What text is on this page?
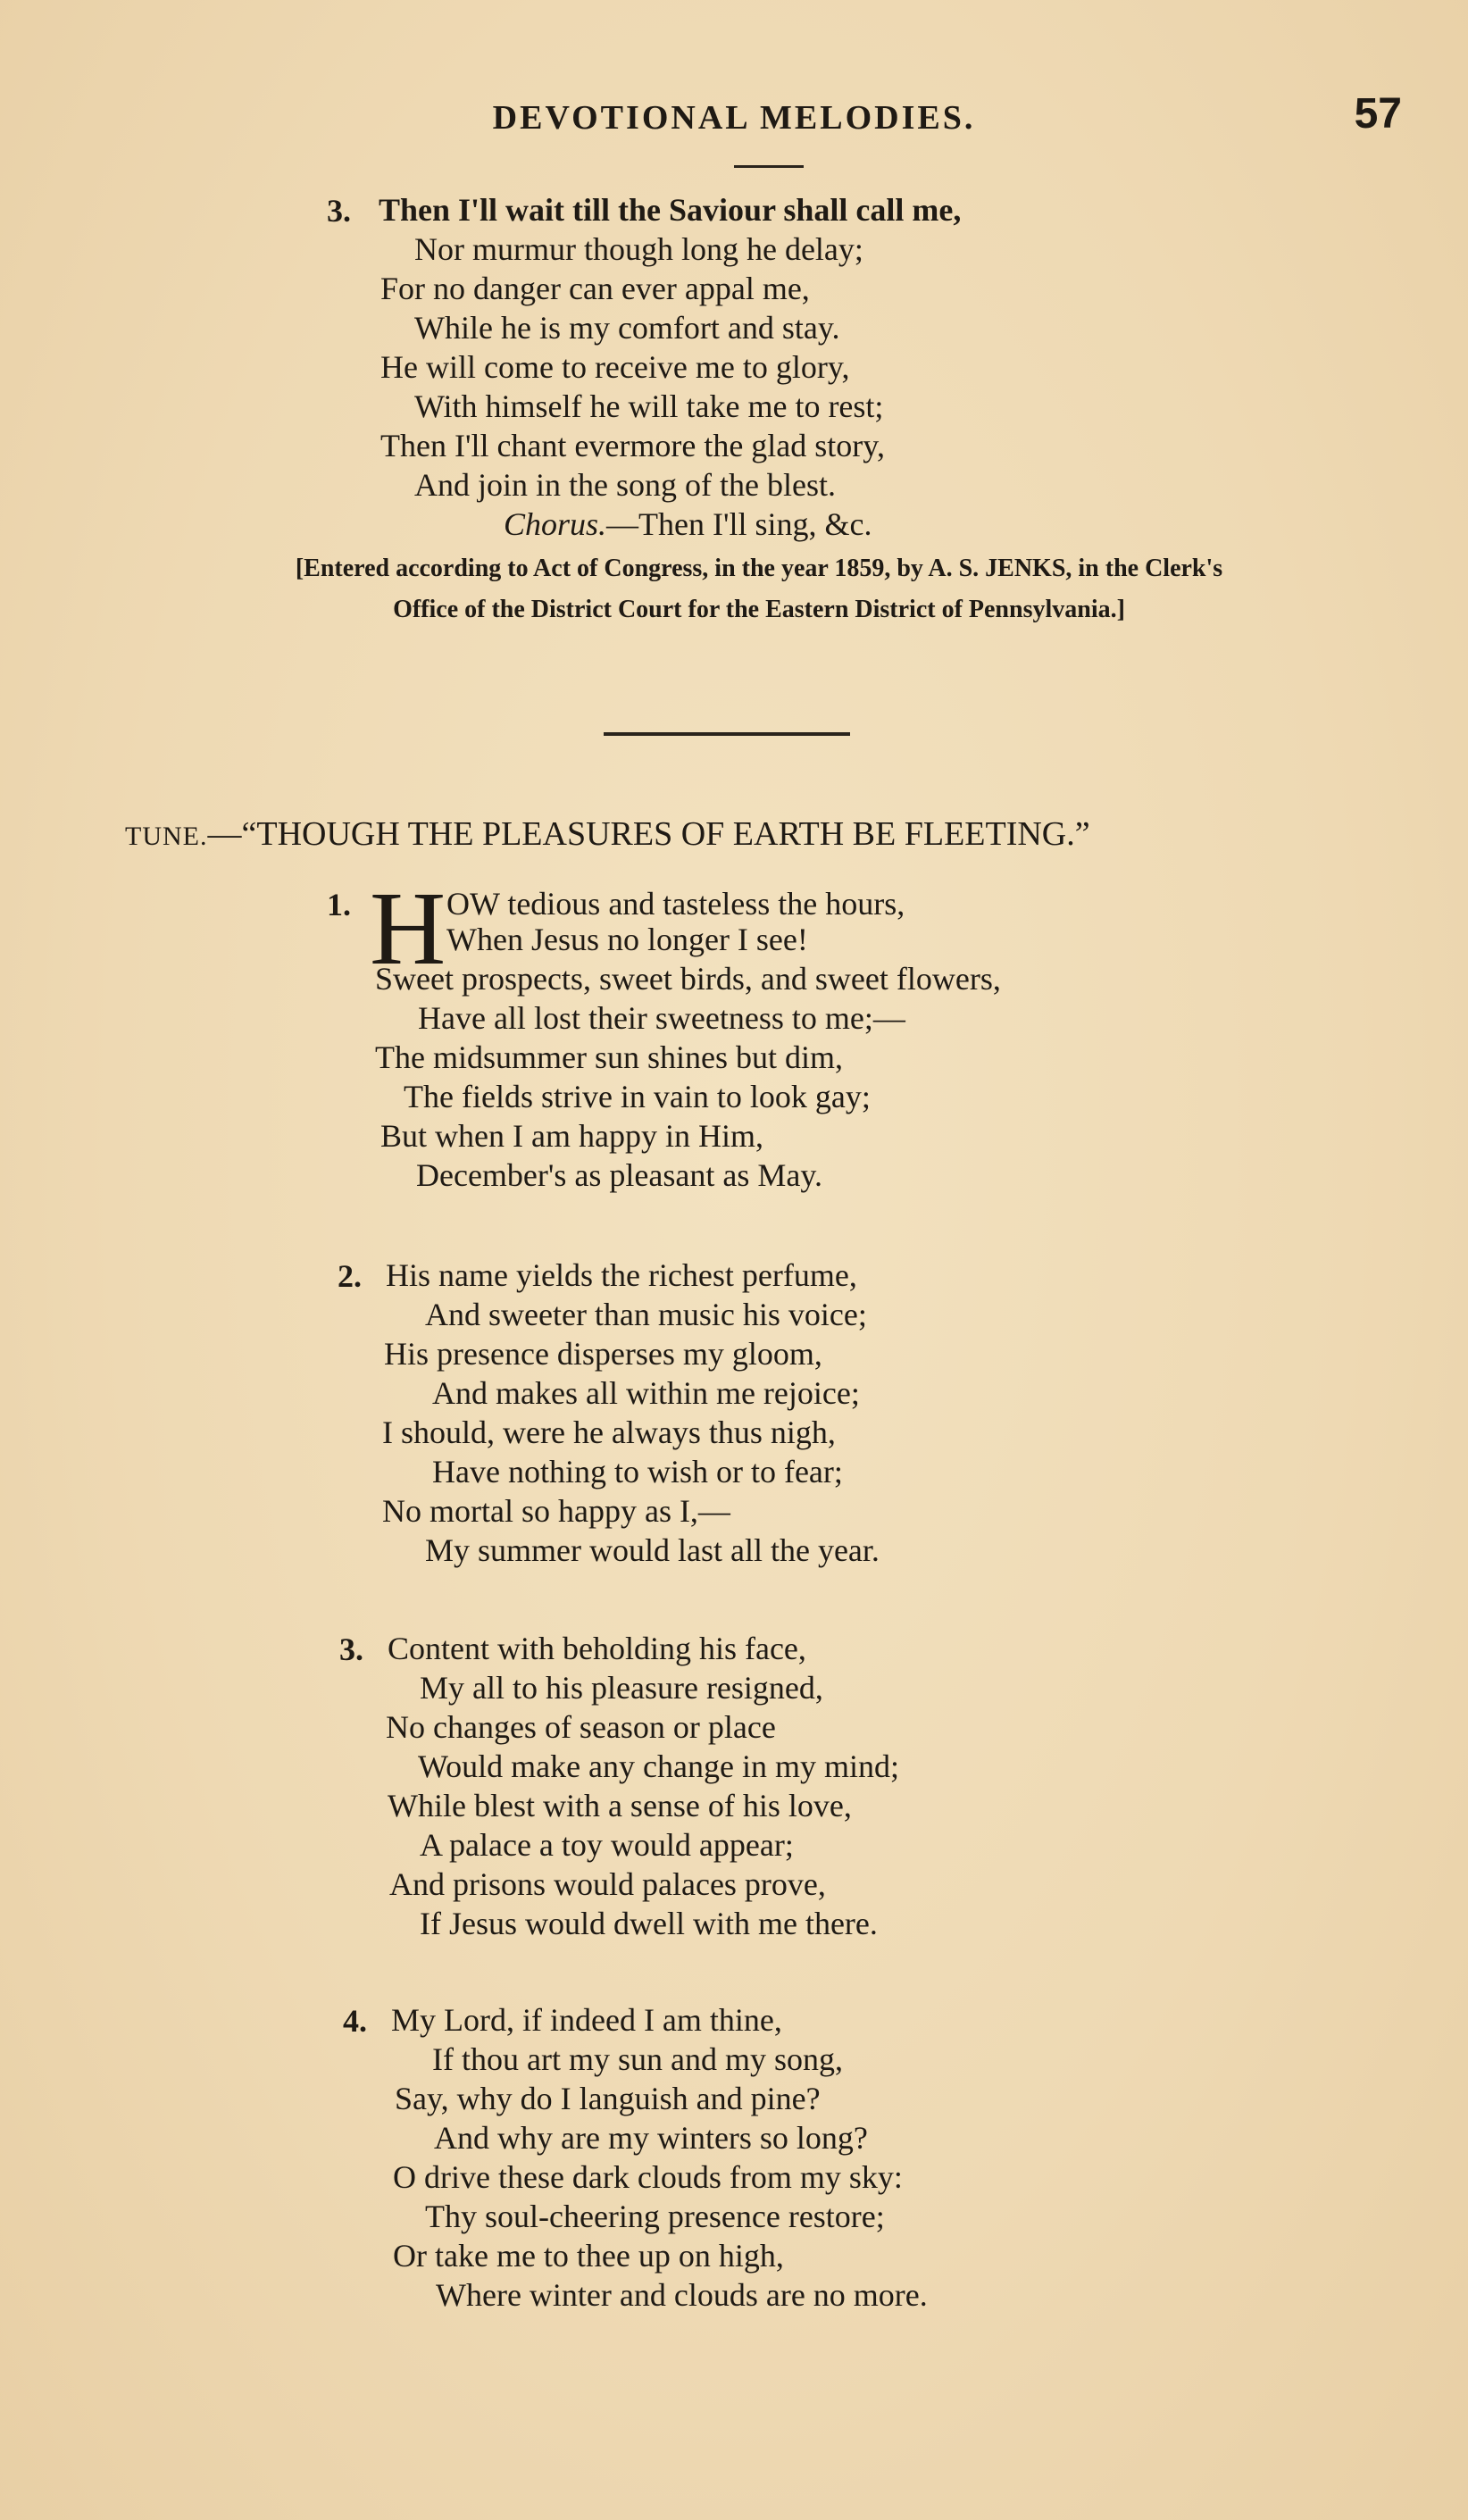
DEVOTIONAL MELODIES.	57
3. Then I'll wait till the Saviour shall call me,
Nor murmur though long he delay;
For no danger can ever appal me,
While he is my comfort and stay.
He will come to receive me to glory,
With himself he will take me to rest;
Then I'll chant evermore the glad story,
And join in the song of the blest.
Chorus.—Then I'll sing, &c.
[Entered according to Act of Congress, in the year 1859, by A. S. JENKS, in the Clerk's
Office of the District Court for the Eastern District of Pennsylvania.]
TUNE.—“THOUGH THE PLEASURES OF EARTH BE FLEETING.”
1. H OW tedious and tasteless the hours,
When Jesus no longer I see!
Sweet prospects, sweet birds, and sweet flowers,
Have all lost their sweetness to me;—
The midsummer sun shines but dim,
The fields strive in vain to look gay;
But when I am happy in Him,
December's as pleasant as May.
2. His name yields the richest perfume,
And sweeter than music his voice;
His presence disperses my gloom,
And makes all within me rejoice;
I should, were he always thus nigh,
Have nothing to wish or to fear;
No mortal so happy as I,—
My summer would last all the year.
3. Content with beholding his face,
My all to his pleasure resigned,
No changes of season or place
Would make any change in my mind;
While blest with a sense of his love,
A palace a toy would appear;
And prisons would palaces prove,
If Jesus would dwell with me there.
4. My Lord, if indeed I am thine,
If thou art my sun and my song,
Say, why do I languish and pine?
And why are my winters so long?
O drive these dark clouds from my sky:
Thy soul-cheering presence restore;
Or take me to thee up on high,
Where winter and clouds are no more.
